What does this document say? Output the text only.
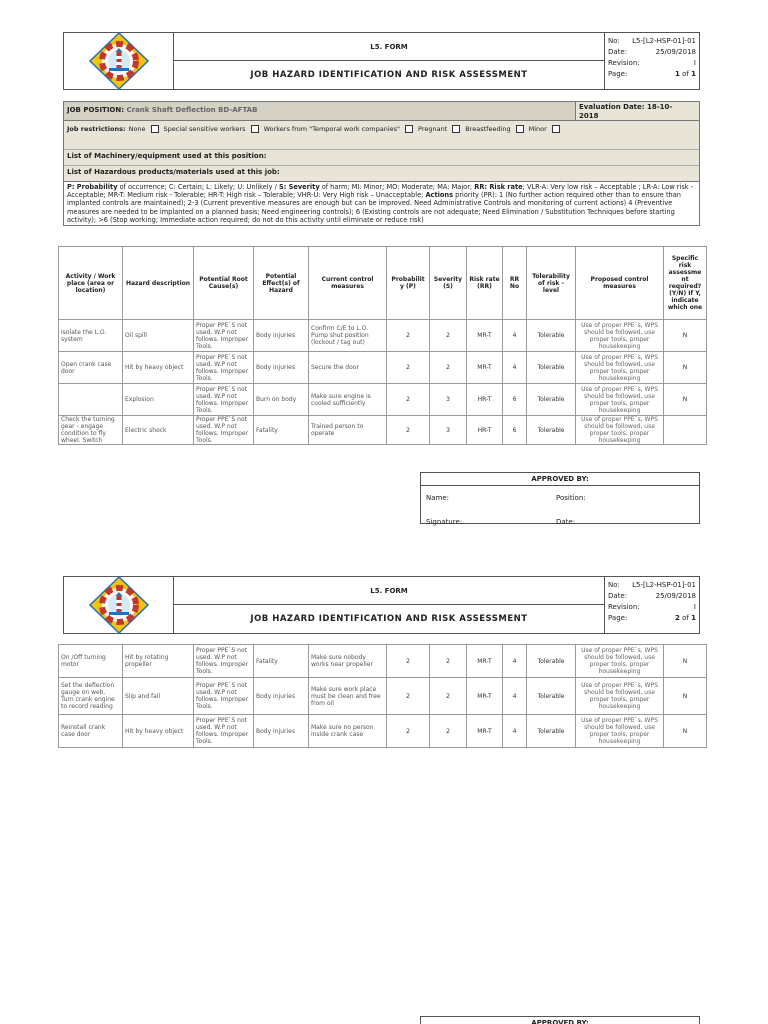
L5. FORM
JOB HAZARD IDENTIFICATION AND RISK ASSESSMENT
No: L5-[L2-HSP-01]-01
Date:	25/09/2018
Revision:	I
Page:	1 of 1
JOB POSITION: Crank Shaft Deflection BD-AFTAB	Evaluation Date: 18-10-
2018
Job restrictions: None	Special sensitive workers	Workers from "Temporal work companies"	Pregnant	Breastfeeding	Minor
List of Machinery/equipment used at this position:
List of Hazardous products/materials used at this job:
P: Probability of occurrence; C: Certain; L: Likely; U: Unlikely / S: Severity of harm; MI: Minor; MO: Moderate; MA: Major; RR: Risk rate; VLR-A: Very low risk – Acceptable ; LR-A: Low risk - Acceptable; MR-T: Medium risk - Tolerable; HR-T: High risk – Tolerable; VHR-U: Very High risk – Unacceptable; Actions priority (PR): 1 (No further action required other than to ensure than implanted controls are maintained); 2-3 (Current preventive measures are enough but can be improved. Need Administrative Controls and monitoring of current actions) 4 (Preventive measures are needed to be implanted on a planned basis; Need engineering controls); 6 (Existing controls are not adequate; Need Elimination / Substitution Techniques before starting activity); >6 (Stop working; Immediate action required; do not do this activity until eliminate or reduce risk)
Activity / Work place (area or location)	Hazard description	Potential Root Cause(s)	Potential Effect(s) of Hazard	Current control measures	Probabilit y (P)	Severity (S)	Risk rate (RR)	RR No	Tolerability of risk - level	Proposed control measures	Specific risk assessme nt required? (Y/N) If Y, indicate which one
Isolate the L.O. system	Oil spill	Proper PPE`S not used. W.P not follows. Improper Tools.	Body injuries	Confirm C/E to L.O. Pump shut position (lockout / tag out)	2	2	MR-T	4	Tolerable	Use of proper PPE`s, WPS should be followed, use proper tools, proper housekeeping	N
Open crank case door	Hit by heavy object	Proper PPE`S not used. W.P not follows. Improper Tools.	Body injuries	Secure the door	2	2	MR-T	4	Tolerable	Use of proper PPE`s, WPS should be followed, use proper tools, proper housekeeping	N
	Explosion	Proper PPE`S not used. W.P not follows. Improper Tools.	Burn on body	Make sure engine is cooled sufficiently	2	3	HR-T	6	Tolerable	Use of proper PPE`s, WPS should be followed, use proper tools, proper housekeeping	N
Check the turning gear - engage condition to fly wheel. Switch	Electric shock	Proper PPE`S not used. W.P not follows. Improper Tools.	Fatality	Trained person to operate	2	3	HR-T	6	Tolerable	Use of proper PPE`s, WPS should be followed, use proper tools, proper housekeeping	
APPROVED BY:
Name:	Position:
Signature:	Date:
L5. FORM
JOB HAZARD IDENTIFICATION AND RISK ASSESSMENT
No: L5-[L2-HSP-01]-01
Date:	25/09/2018
Revision:	I
Page:	2 of 1
On /Off turning motor	Hit by rotating propeller	Proper PPE`S not used. W.P not follows. Improper Tools.	Fatality	Make sure nobody works near propeller	2	2	MR-T	4	Tolerable	Use of proper PPE`s, WPS should be followed, use proper tools, proper housekeeping	N
Set the deflection gauge on web. Turn crank engine to record reading	Slip and fall	Proper PPE`S not used. W.P not follows. Improper Tools.	Body injuries	Make sure work place must be clean and free from oil	2	2	MR-T	4	Tolerable	Use of proper PPE`s, WPS should be followed, use proper tools, proper housekeeping	N
Reinstall crank case door	Hit by heavy object	Proper PPE`S not used. W.P not follows. Improper Tools.	Body injuries	Make sure no person inside crank case	2	2	MR-T	4	Tolerable	Use of proper PPE`s, WPS should be followed, use proper tools, proper housekeeping	N
APPROVED BY:
